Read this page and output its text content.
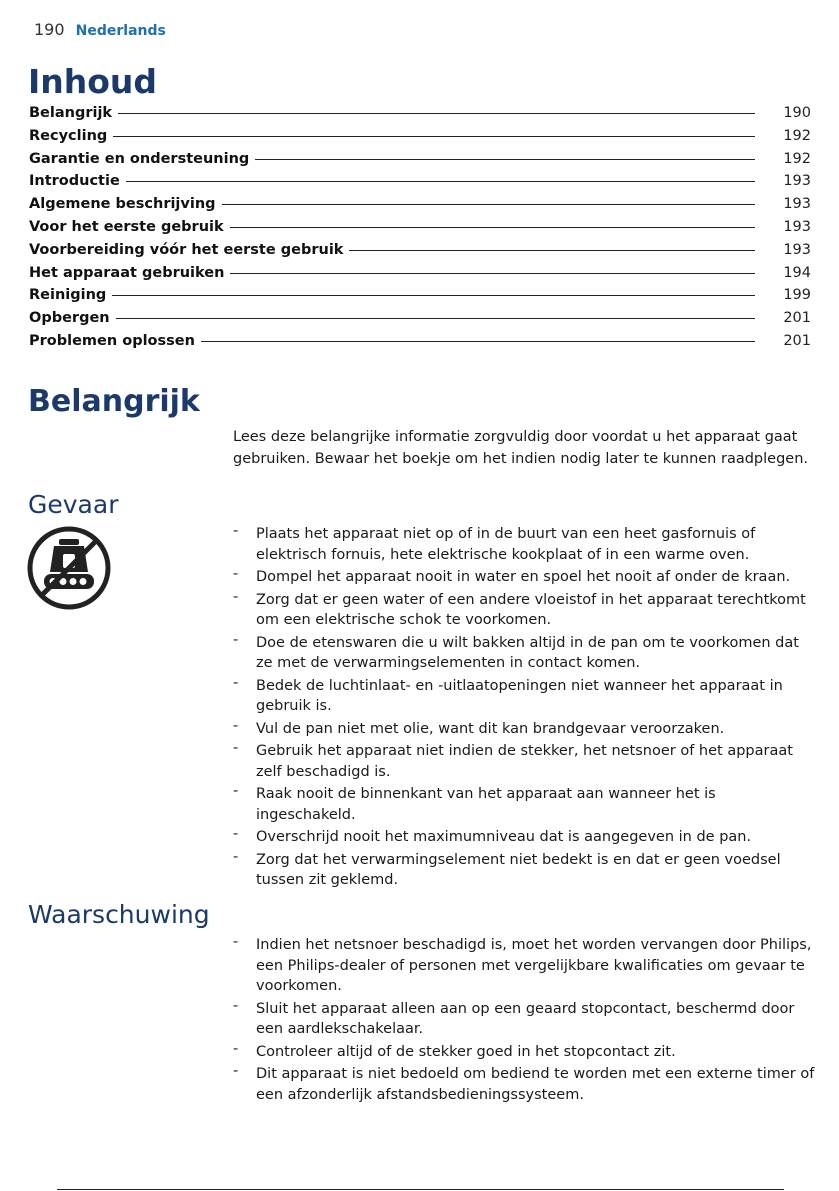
190 Nederlands
Inhoud
Belangrijk	190
Recycling	192
Garantie en ondersteuning	192
Introductie	193
Algemene beschrijving	193
Voor het eerste gebruik	193
Voorbereiding vóór het eerste gebruik	193
Het apparaat gebruiken	194
Reiniging	199
Opbergen	201
Problemen oplossen	201
Belangrijk

Lees deze belangrijke informatie zorgvuldig door voordat u het apparaat gaat gebruiken. Bewaar het boekje om het indien nodig later te kunnen raadplegen.

Gevaar
- Plaats het apparaat niet op of in de buurt van een heet gasfornuis of elektrisch fornuis, hete elektrische kookplaat of in een warme oven.
- Dompel het apparaat nooit in water en spoel het nooit af onder de kraan.
- Zorg dat er geen water of een andere vloeistof in het apparaat terechtkomt om een elektrische schok te voorkomen.
- Doe de etenswaren die u wilt bakken altijd in de pan om te voorkomen dat ze met de verwarmingselementen in contact komen.
- Bedek de luchtinlaat- en -uitlaatopeningen niet wanneer het apparaat in gebruik is.
- Vul de pan niet met olie, want dit kan brandgevaar veroorzaken.
- Gebruik het apparaat niet indien de stekker, het netsnoer of het apparaat zelf beschadigd is.
- Raak nooit de binnenkant van het apparaat aan wanneer het is ingeschakeld.
- Overschrijd nooit het maximumniveau dat is aangegeven in de pan.
- Zorg dat het verwarmingselement niet bedekt is en dat er geen voedsel tussen zit geklemd.
Waarschuwing
- Indien het netsnoer beschadigd is, moet het worden vervangen door Philips, een Philips-dealer of personen met vergelijkbare kwalificaties om gevaar te voorkomen.
- Sluit het apparaat alleen aan op een geaard stopcontact, beschermd door een aardlekschakelaar.
- Controleer altijd of de stekker goed in het stopcontact zit.
- Dit apparaat is niet bedoeld om bediend te worden met een externe timer of een afzonderlijk afstandsbedieningssysteem.
